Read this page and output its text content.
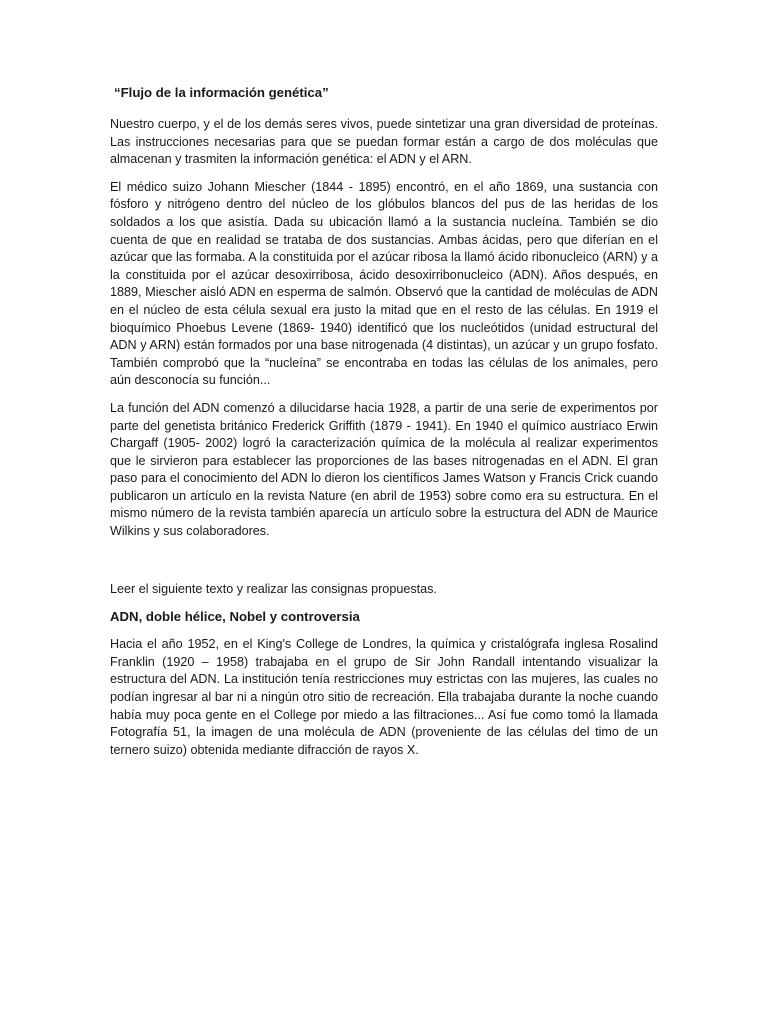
“Flujo de la información genética”

Nuestro cuerpo, y el de los demás seres vivos, puede sintetizar una gran diversidad de proteínas. Las instrucciones necesarias para que se puedan formar están a cargo de dos moléculas que almacenan y trasmiten la información genética: el ADN y el ARN.

El médico suizo Johann Miescher (1844 - 1895) encontró, en el año 1869, una sustancia con fósforo y nitrógeno dentro del núcleo de los glóbulos blancos del pus de las heridas de los soldados a los que asistía. Dada su ubicación llamó a la sustancia nucleína. También se dio cuenta de que en realidad se trataba de dos sustancias. Ambas ácidas, pero que diferían en el azúcar que las formaba. A la constituida por el azúcar ribosa la llamó ácido ribonucleico (ARN) y a la constituida por el azúcar desoxirribosa, ácido desoxirribonucleico (ADN). Años después, en 1889, Miescher aisló ADN en esperma de salmón. Observó que la cantidad de moléculas de ADN en el núcleo de esta célula sexual era justo la mitad que en el resto de las células. En 1919 el bioquímico Phoebus Levene (1869- 1940) identificó que los nucleótidos (unidad estructural del ADN y ARN) están formados por una base nitrogenada (4 distintas), un azúcar y un grupo fosfato. También comprobó que la “nucleína” se encontraba en todas las células de los animales, pero aún desconocía su función...

La función del ADN comenzó a dilucidarse hacia 1928, a partir de una serie de experimentos por parte del genetista británico Frederick Griffith (1879 - 1941). En 1940 el químico austríaco Erwin Chargaff (1905- 2002) logró la caracterización química de la molécula al realizar experimentos que le sirvieron para establecer las proporciones de las bases nitrogenadas en el ADN. El gran paso para el conocimiento del ADN lo dieron los científicos James Watson y Francis Crick cuando publicaron un artículo en la revista Nature (en abril de 1953) sobre como era su estructura. En el mismo número de la revista también aparecía un artículo sobre la estructura del ADN de Maurice Wilkins y sus colaboradores.

Leer el siguiente texto y realizar las consignas propuestas.

ADN, doble hélice, Nobel y controversia

Hacia el año 1952, en el King's College de Londres, la química y cristalógrafa inglesa Rosalind Franklin (1920 – 1958) trabajaba en el grupo de Sir John Randall intentando visualizar la estructura del ADN. La institución tenía restricciones muy estrictas con las mujeres, las cuales no podían ingresar al bar ni a ningún otro sitio de recreación. Ella trabajaba durante la noche cuando había muy poca gente en el College por miedo a las filtraciones... Así fue como tomó la llamada Fotografía 51, la imagen de una molécula de ADN (proveniente de las células del timo de un ternero suizo) obtenida mediante difracción de rayos X.
